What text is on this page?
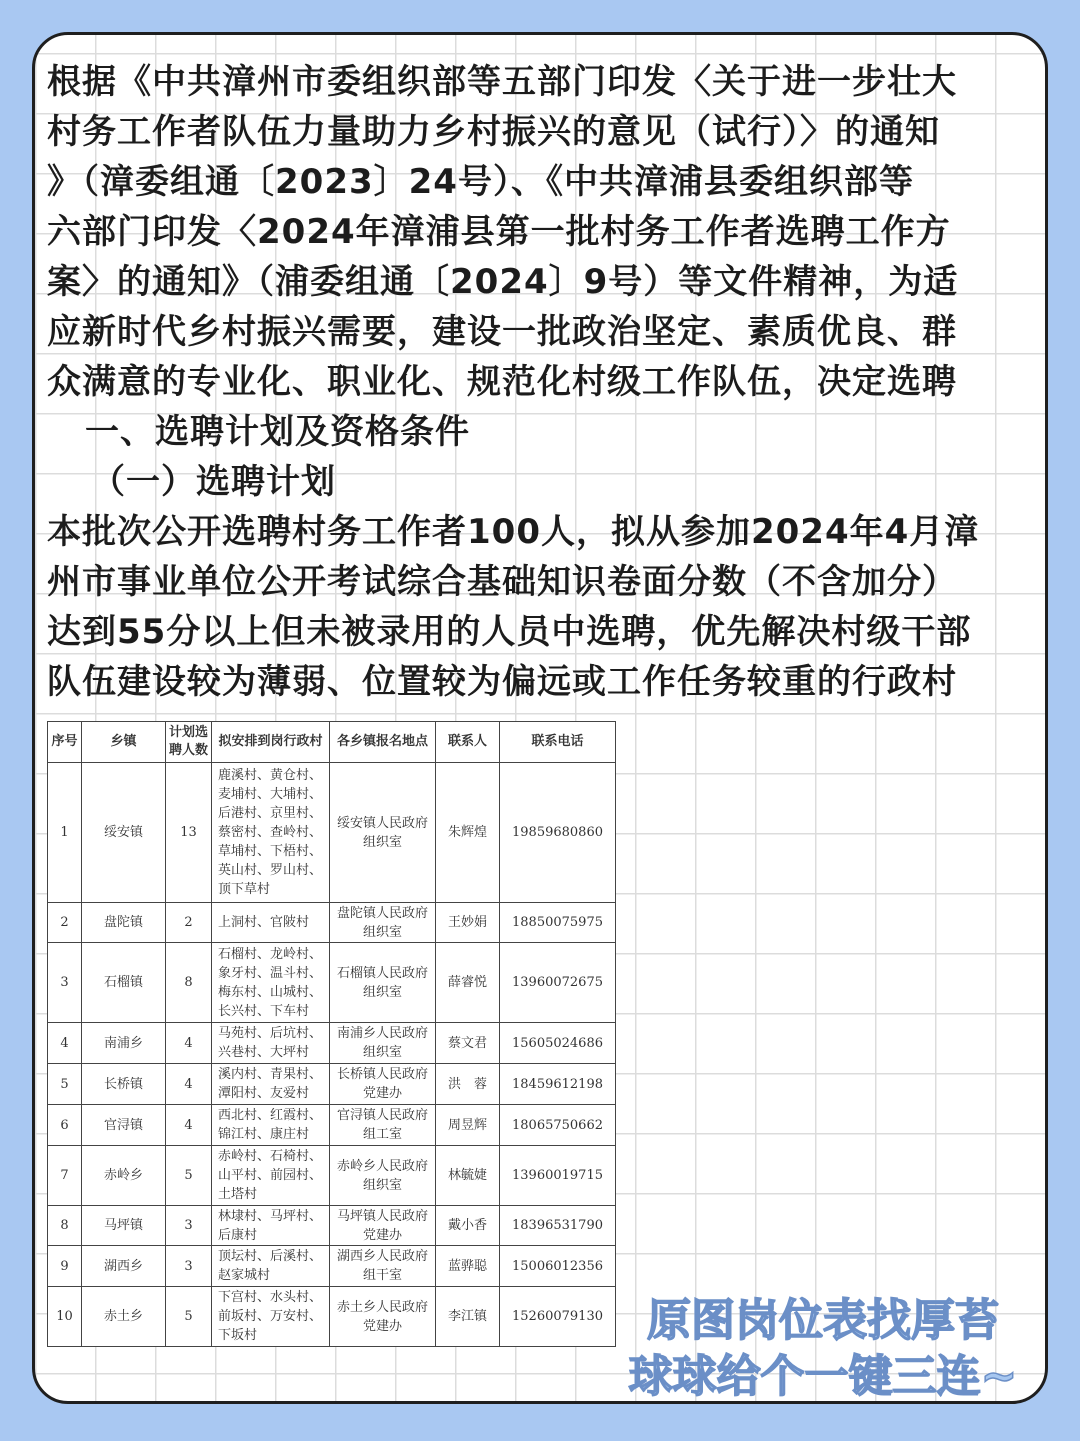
根据《中共漳州市委组织部等五部门印发〈关于进一步壮大
村务工作者队伍力量助力乡村振兴的意见（试行）〉的通知
》（漳委组通〔2023〕24号）、《中共漳浦县委组织部等
六部门印发〈2024年漳浦县第一批村务工作者选聘工作方
案〉的通知》（浦委组通〔2024〕9号）等文件精神，为适
应新时代乡村振兴需要，建设一批政治坚定、素质优良、群
众满意的专业化、职业化、规范化村级工作队伍，决定选聘
一、选聘计划及资格条件
（一）选聘计划
本批次公开选聘村务工作者100人，拟从参加2024年4月漳
州市事业单位公开考试综合基础知识卷面分数（不含加分）
达到55分以上但未被录用的人员中选聘，优先解决村级干部
队伍建设较为薄弱、位置较为偏远或工作任务较重的行政村
序号	乡镇	计划选聘人数	拟安排到岗行政村	各乡镇报名地点	联系人	联系电话
1	绥安镇	13	鹿溪村、黄仓村、麦埔村、大埔村、后港村、京里村、蔡密村、查岭村、草埔村、下梧村、英山村、罗山村、顶下草村	绥安镇人民政府组织室	朱辉煌	19859680860
2	盘陀镇	2	上洞村、官陂村	盘陀镇人民政府组织室	王妙娟	18850075975
3	石榴镇	8	石榴村、龙岭村、象牙村、温斗村、梅东村、山城村、长兴村、下车村	石榴镇人民政府组织室	薛睿悦	13960072675
4	南浦乡	4	马苑村、后坑村、兴巷村、大坪村	南浦乡人民政府组织室	蔡文君	15605024686
5	长桥镇	4	溪内村、青果村、潭阳村、友爱村	长桥镇人民政府党建办	洪　蓉	18459612198
6	官浔镇	4	西北村、红霞村、锦江村、康庄村	官浔镇人民政府组工室	周昱辉	18065750662
7	赤岭乡	5	赤岭村、石椅村、山平村、前园村、土塔村	赤岭乡人民政府组织室	林毓婕	13960019715
8	马坪镇	3	林埭村、马坪村、后康村	马坪镇人民政府党建办	戴小香	18396531790
9	湖西乡	3	顶坛村、后溪村、赵家城村	湖西乡人民政府组干室	蓝骅聪	15006012356
10	赤土乡	5	下宫村、水头村、前坂村、万安村、下坂村	赤土乡人民政府党建办	李江镇	15260079130	原图岗位表找厚苔
球球给个一键三连~
